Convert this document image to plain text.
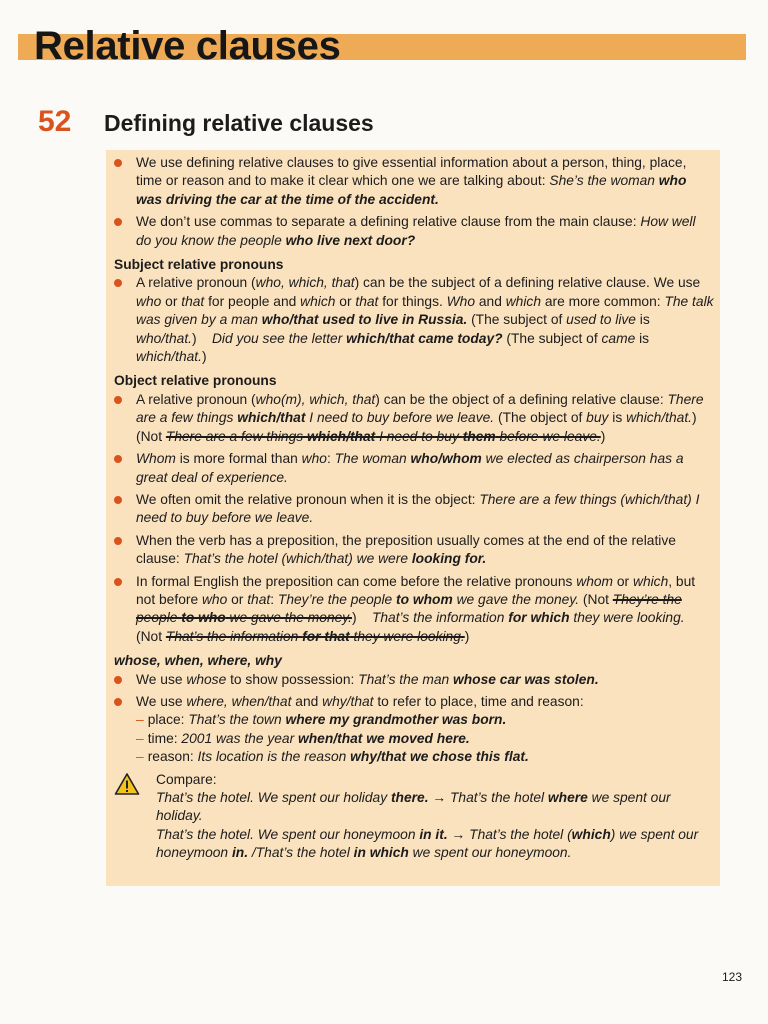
Relative clauses
52 Defining relative clauses

We use defining relative clauses to give essential information about a person, thing, place, time or reason and to make it clear which one we are talking about: She’s the woman who was driving the car at the time of the accident.

We don’t use commas to separate a defining relative clause from the main clause: How well do you know the people who live next door?

Subject relative pronouns

A relative pronoun (who, which, that) can be the subject of a defining relative clause. We use who or that for people and which or that for things. Who and which are more common: The talk was given by a man who/that used to live in Russia. (The subject of used to live is who/that.)    Did you see the letter which/that came today? (The subject of came is which/that.)

Object relative pronouns

A relative pronoun (who(m), which, that) can be the object of a defining relative clause: There are a few things which/that I need to buy before we leave. (The object of buy is which/that.) (Not There are a few things which/that I need to buy them before we leave.)

Whom is more formal than who: The woman who/whom we elected as chairperson has a great deal of experience.

We often omit the relative pronoun when it is the object: There are a few things (which/that) I need to buy before we leave.

When the verb has a preposition, the preposition usually comes at the end of the relative clause: That’s the hotel (which/that) we were looking for.

In formal English the preposition can come before the relative pronouns whom or which, but not before who or that: They’re the people to whom we gave the money. (Not They’re the people to who we gave the money.)    That’s the information for which they were looking. (Not That’s the information for that they were looking.)

whose, when, where, why

We use whose to show possession: That’s the man whose car was stolen.

We use where, when/that and why/that to refer to place, time and reason:

– place: That’s the town where my grandmother was born.

– time: 2001 was the year when/that we moved here.

– reason: Its location is the reason why/that we chose this flat.

Compare:
That’s the hotel. We spent our holiday there. → That’s the hotel where we spent our holiday.
That’s the hotel. We spent our honeymoon in it. → That’s the hotel (which) we spent our honeymoon in. /That’s the hotel in which we spent our honeymoon.
123
